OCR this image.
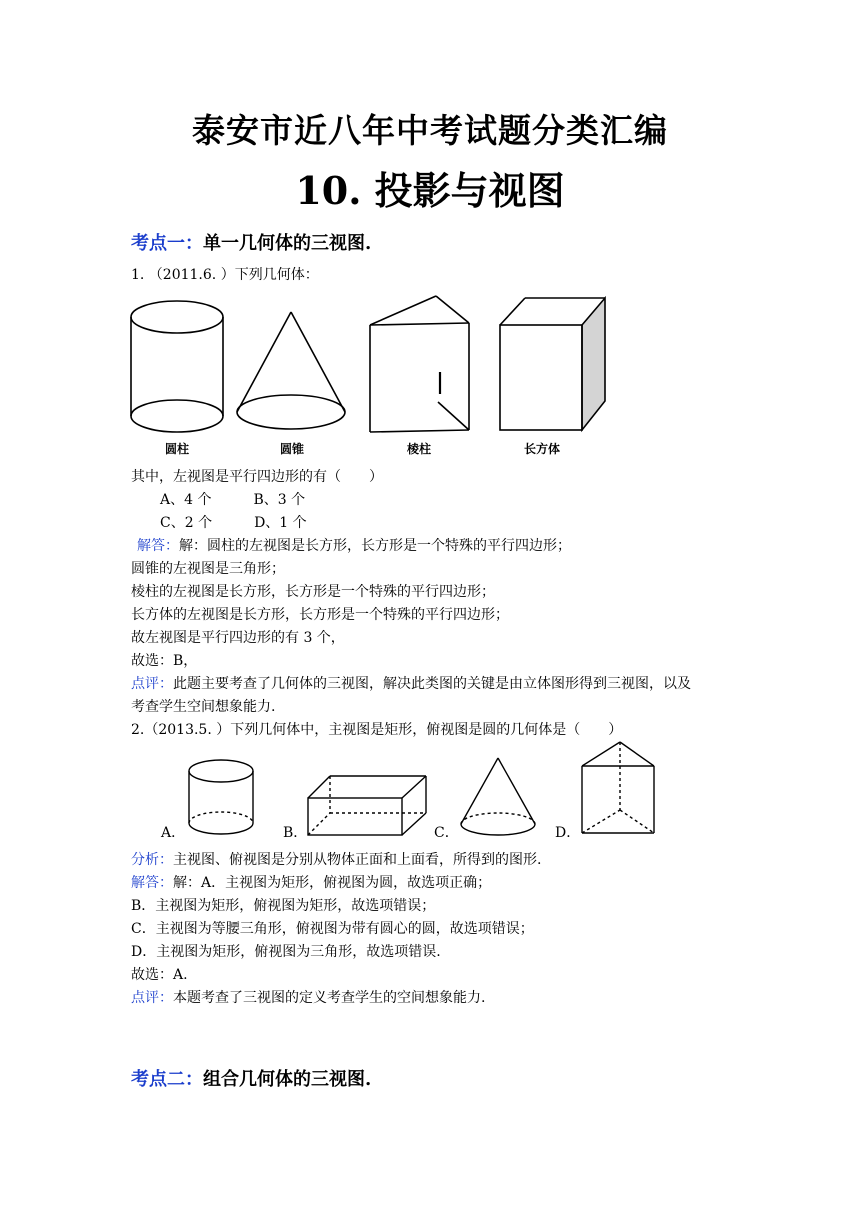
泰安市近八年中考试题分类汇编
10. 投影与视图
考点一：单一几何体的三视图.
1. （2011.6. ）下列几何体：
圆柱	圆锥	棱柱	长方体
其中，左视图是平行四边形的有（　　）
A、4 个　　　B、3 个
C、2 个　　　D、1 个
解答：解：圆柱的左视图是长方形，长方形是一个特殊的平行四边形；
圆锥的左视图是三角形；
棱柱的左视图是长方形，长方形是一个特殊的平行四边形；
长方体的左视图是长方形，长方形是一个特殊的平行四边形；
故左视图是平行四边形的有 3 个，
故选：B，
点评：此题主要考查了几何体的三视图，解决此类图的关键是由立体图形得到三视图，以及
考查学生空间想象能力.
2.（2013.5. ）下列几何体中，主视图是矩形，俯视图是圆的几何体是（　　）
A．	B．	C．	D．
分析：主视图、俯视图是分别从物体正面和上面看，所得到的图形.
解答：解：A．主视图为矩形，俯视图为圆，故选项正确；
B．主视图为矩形，俯视图为矩形，故选项错误；
C．主视图为等腰三角形，俯视图为带有圆心的圆，故选项错误；
D．主视图为矩形，俯视图为三角形，故选项错误.
故选：A.
点评：本题考查了三视图的定义考查学生的空间想象能力.
考点二：组合几何体的三视图.
